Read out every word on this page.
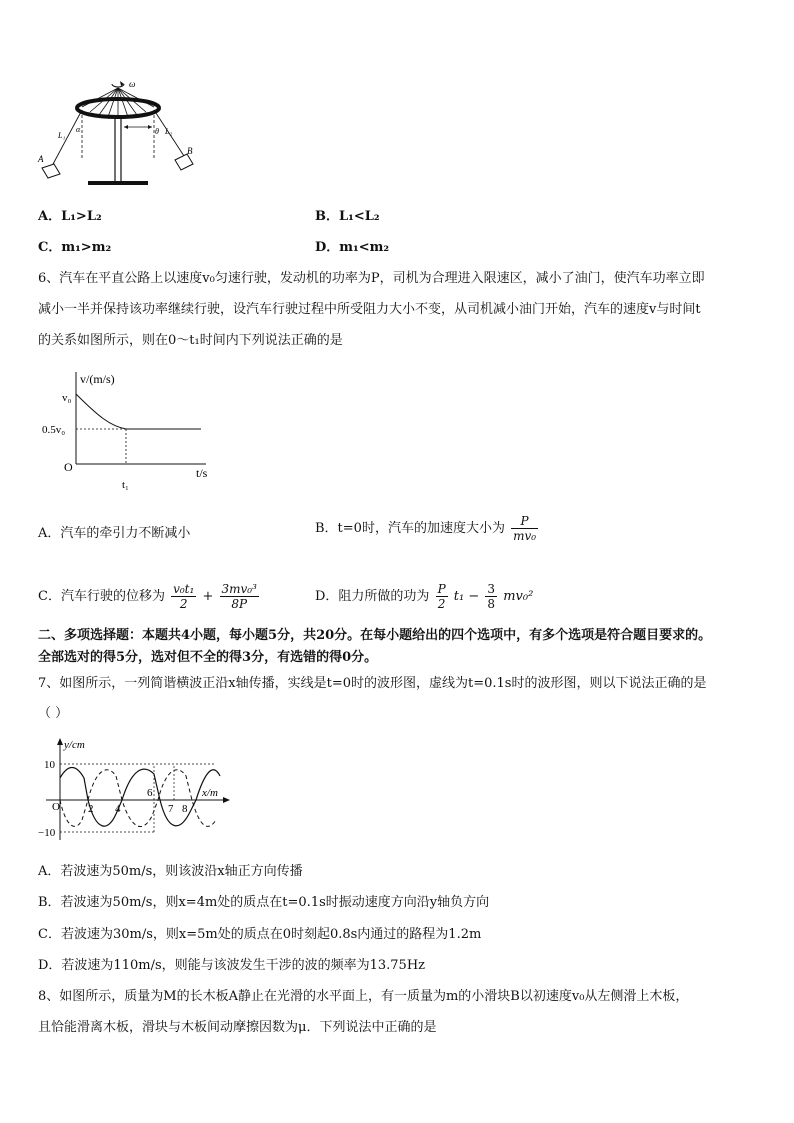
ω
L₁	L₂
α	θ
A
B
A．L₁>L₂	B．L₁<L₂
C．m₁>m₂	D．m₁<m₂
6、汽车在平直公路上以速度v₀匀速行驶，发动机的功率为P，司机为合理进入限速区，减小了油门，使汽车功率立即
减小一半并保持该功率继续行驶，设汽车行驶过程中所受阻力大小不变，从司机减小油门开始，汽车的速度v与时间t
的关系如图所示，则在0～t₁时间内下列说法正确的是
v/(m/s)
v₀
0.5v₀
O
t₁
t/s
A．汽车的牵引力不断减小	B．t=0时，汽车的加速度大小为 $\frac{P}{\text{mv₀}}$
C．汽车行驶的位移为 $\frac{\text{v₀t₁}}{2} + \frac{\text{3mv₀³}}{8P}$	D．阻力所做的功为 $\frac{P}{2} t_1 - \frac{3}{8} mv_0^2$
二、多项选择题：本题共4小题，每小题5分，共20分。在每小题给出的四个选项中，有多个选项是符合题目要求的。
全部选对的得5分，选对但不全的得3分，有选错的得0分。
7、如图所示，一列简谐横波正沿x轴传播，实线是t=0时的波形图，虚线为t=0.1s时的波形图，则以下说法正确的是
（ ）
y/cm
10
−10
O	2 4
6
7 8
x/m
A．若波速为50m/s，则该波沿x轴正方向传播
B．若波速为50m/s，则x=4m处的质点在t=0.1s时振动速度方向沿y轴负方向
C．若波速为30m/s，则x=5m处的质点在0时刻起0.8s内通过的路程为1.2m
D．若波速为110m/s，则能与该波发生干涉的波的频率为13.75Hz
8、如图所示，质量为M的长木板A静止在光滑的水平面上，有一质量为m的小滑块B以初速度v₀从左侧滑上木板，
且恰能滑离木板，滑块与木板间动摩擦因数为μ．下列说法中正确的是
